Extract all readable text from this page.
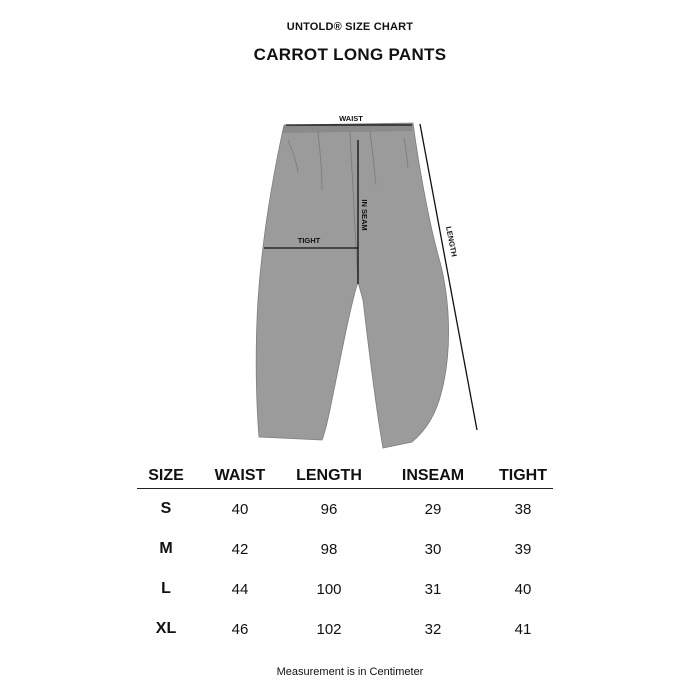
UNTOLD® SIZE CHART
CARROT LONG PANTS
WAIST
TIGHT
IN SEAM
LENGTH
SIZE	WAIST	LENGTH	INSEAM	TIGHT
S	40	96	29	38
M	42	98	30	39
L	44	100	31	40
XL	46	102	32	41
Measurement is in Centimeter
